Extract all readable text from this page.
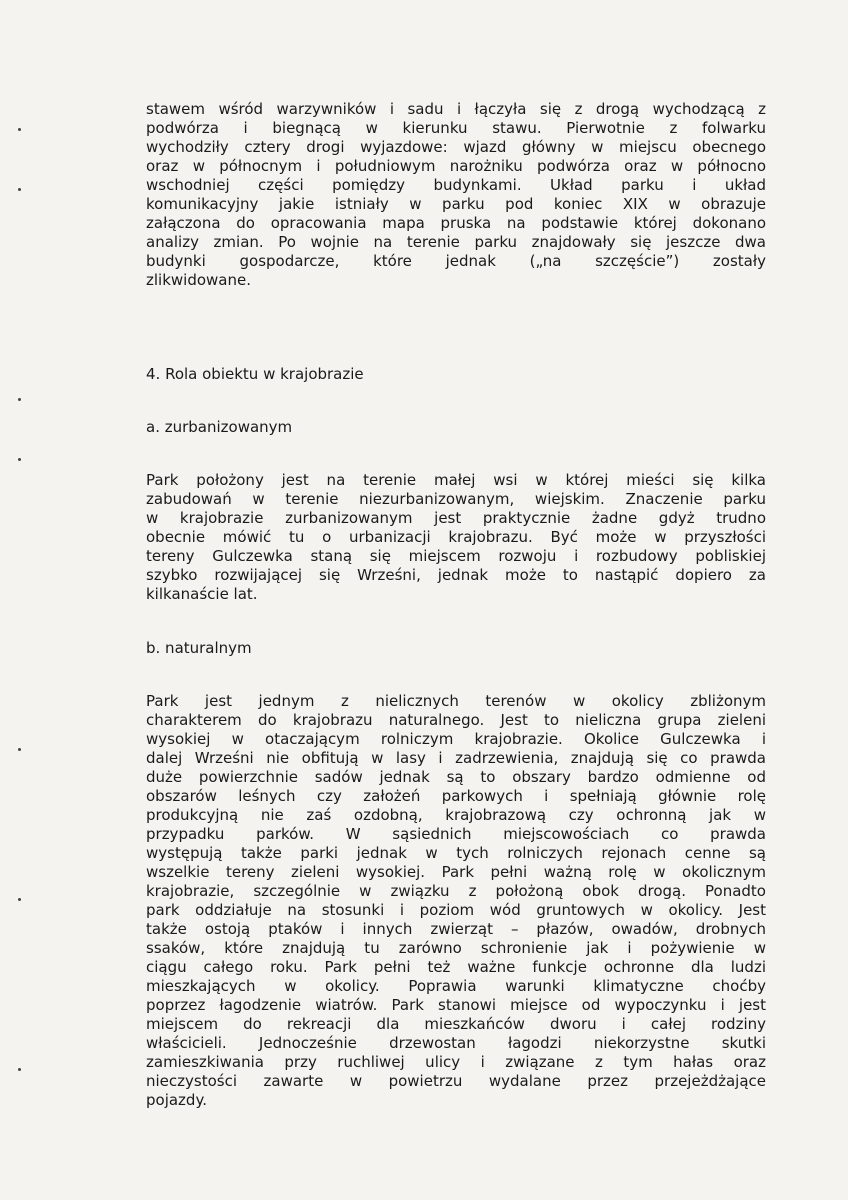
stawem wśród warzywników i sadu i łączyła się z drogą wychodzącą z
podwórza i biegnącą w kierunku stawu. Pierwotnie z folwarku
wychodziły cztery drogi wyjazdowe: wjazd główny w miejscu obecnego
oraz w północnym i południowym narożniku podwórza oraz w północno
wschodniej części pomiędzy budynkami. Układ parku i układ
komunikacyjny jakie istniały w parku pod koniec XIX w obrazuje
załączona do opracowania mapa pruska na podstawie której dokonano
analizy zmian. Po wojnie na terenie parku znajdowały się jeszcze dwa
budynki gospodarcze, które jednak („na szczęście”) zostały
zlikwidowane.
4. Rola obiektu w krajobrazie
a. zurbanizowanym
Park położony jest na terenie małej wsi w której mieści się kilka
zabudowań w terenie niezurbanizowanym, wiejskim. Znaczenie parku
w krajobrazie zurbanizowanym jest praktycznie żadne gdyż trudno
obecnie mówić tu o urbanizacji krajobrazu. Być może w przyszłości
tereny Gulczewka staną się miejscem rozwoju i rozbudowy pobliskiej
szybko rozwijającej się Wrześni, jednak może to nastąpić dopiero za
kilkanaście lat.
b. naturalnym
Park jest jednym z nielicznych terenów w okolicy zbliżonym
charakterem do krajobrazu naturalnego. Jest to nieliczna grupa zieleni
wysokiej w otaczającym rolniczym krajobrazie. Okolice Gulczewka i
dalej Wrześni nie obfitują w lasy i zadrzewienia, znajdują się co prawda
duże powierzchnie sadów jednak są to obszary bardzo odmienne od
obszarów leśnych czy założeń parkowych i spełniają głównie rolę
produkcyjną nie zaś ozdobną, krajobrazową czy ochronną jak w
przypadku parków. W sąsiednich miejscowościach co prawda
występują także parki jednak w tych rolniczych rejonach cenne są
wszelkie tereny zieleni wysokiej. Park pełni ważną rolę w okolicznym
krajobrazie, szczególnie w związku z położoną obok drogą. Ponadto
park oddziałuje na stosunki i poziom wód gruntowych w okolicy. Jest
także ostoją ptaków i innych zwierząt – płazów, owadów, drobnych
ssaków, które znajdują tu zarówno schronienie jak i pożywienie w
ciągu całego roku. Park pełni też ważne funkcje ochronne dla ludzi
mieszkających w okolicy. Poprawia warunki klimatyczne choćby
poprzez łagodzenie wiatrów. Park stanowi miejsce od wypoczynku i jest
miejscem do rekreacji dla mieszkańców dworu i całej rodziny
właścicieli. Jednocześnie drzewostan łagodzi niekorzystne skutki
zamieszkiwania przy ruchliwej ulicy i związane z tym hałas oraz
nieczystości zawarte w powietrzu wydalane przez przejeżdżające
pojazdy.
